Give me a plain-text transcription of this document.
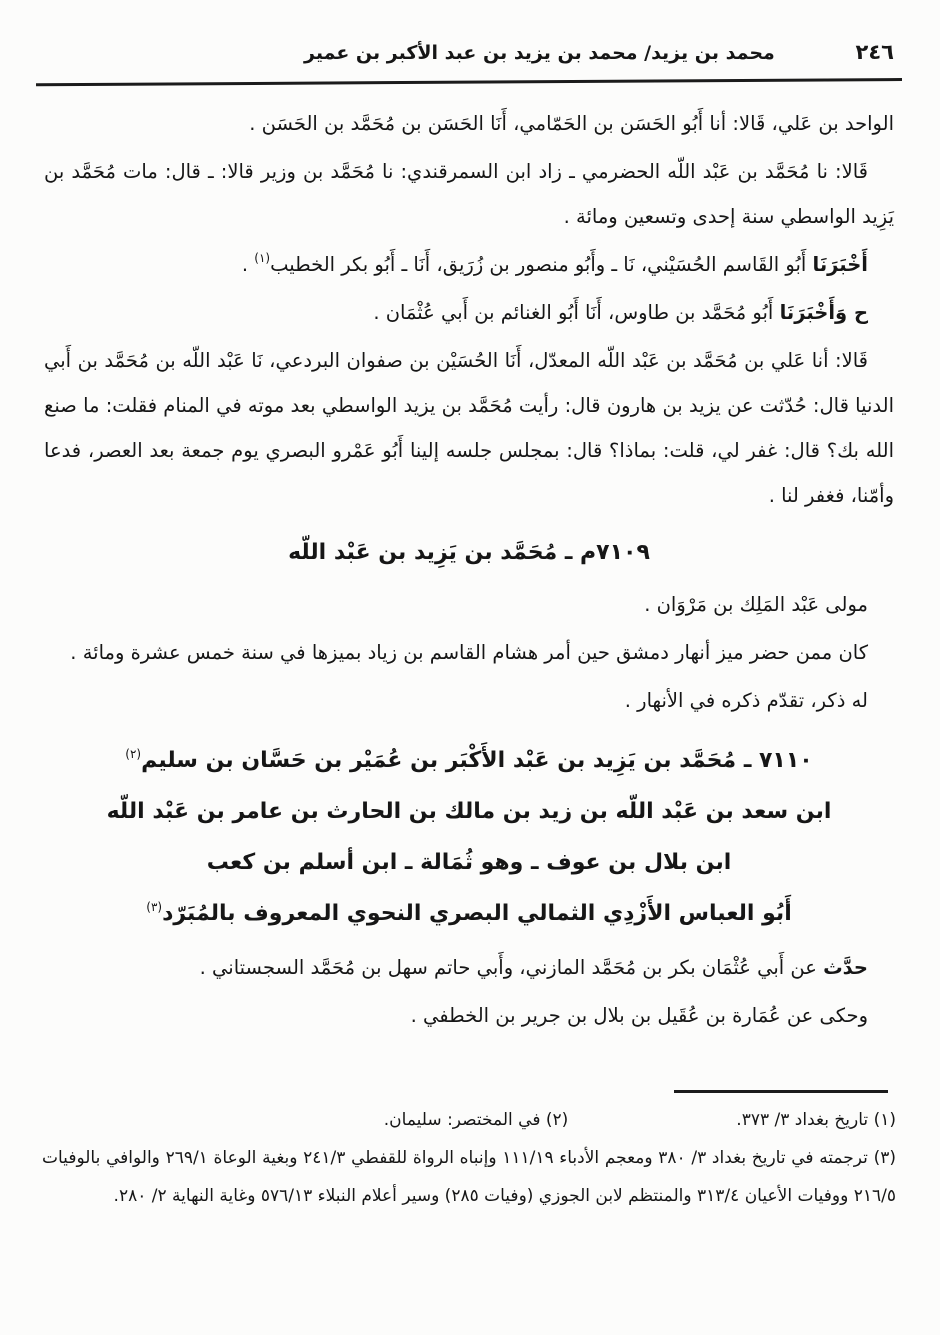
٢٤٦
محمد بن يزيد/ محمد بن يزيد بن عبد الأكبر بن عمير

الواحد بن عَلي، قَالا: أنا أَبُو الحَسَن بن الحَمّامي، أَنَا الحَسَن بن مُحَمَّد بن الحَسَن .

قَالا: نا مُحَمَّد بن عَبْد اللّه الحضرمي ـ زاد ابن السمرقندي: نا مُحَمَّد بن وزير قالا: ـ قال: مات مُحَمَّد بن يَزِيد الواسطي سنة إحدى وتسعين ومائة .

أَخْبَرَنَا أَبُو القَاسم الحُسَيْني، نَا ـ وأَبُو منصور بن زُرَيق، أَنَا ـ أَبُو بكر الخطيب$^{(١)}$ .

ح وَأَخْبَرَنَا أَبُو مُحَمَّد بن طاوس، أَنَا أَبُو الغنائم بن أَبي عُثْمَان .

قَالا: أنا عَلي بن مُحَمَّد بن عَبْد اللّه المعدّل، أَنَا الحُسَيْن بن صفوان البردعي، نَا عَبْد اللّه بن مُحَمَّد بن أَبي الدنيا قال: حُدّثت عن يزيد بن هارون قال: رأيت مُحَمَّد بن يزيد الواسطي بعد موته في المنام فقلت: ما صنع الله بك؟ قال: غفر لي، قلت: بماذا؟ قال: بمجلس جلسه إلينا أَبُو عَمْرو البصري يوم جمعة بعد العصر، فدعا وأمّنا، فغفر لنا .

٧١٠٩م ـ مُحَمَّد بن يَزِيد بن عَبْد اللّه

مولى عَبْد المَلِك بن مَرْوَان .

كان ممن حضر ميز أنهار دمشق حين أمر هشام القاسم بن زياد بميزها في سنة خمس عشرة ومائة .

له ذكر، تقدّم ذكره في الأنهار .

٧١١٠ ـ مُحَمَّد بن يَزِيد بن عَبْد الأَكْبَر بن عُمَيْر بن حَسَّان بن سليم$^{(٢)}$
ابن سعد بن عَبْد اللّه بن زيد بن مالك بن الحارث بن عامر بن عَبْد اللّه
ابن بلال بن عوف ـ وهو ثُمَالة ـ ابن أسلم بن كعب
أَبُو العباس الأَزْدِي الثمالي البصري النحوي المعروف بالمُبَرّد$^{(٣)}$

حدَّث عن أَبي عُثْمَان بكر بن مُحَمَّد المازني، وأَبي حاتم سهل بن مُحَمَّد السجستاني .

وحكى عن عُمَارة بن عُقَيل بن بلال بن جرير بن الخطفي .

(١) تاريخ بغداد ٣/ ٣٧٣.
(٢) في المختصر: سليمان.
(٣) ترجمته في تاريخ بغداد ٣/ ٣٨٠ ومعجم الأدباء ١١١/١٩ وإنباه الرواة للقفطي ٢٤١/٣ وبغية الوعاة ٢٦٩/١ والوافي بالوفيات ٢١٦/٥ ووفيات الأعيان ٣١٣/٤ والمنتظم لابن الجوزي (وفيات ٢٨٥) وسير أعلام النبلاء ٥٧٦/١٣ وغاية النهاية ٢/ ٢٨٠.
